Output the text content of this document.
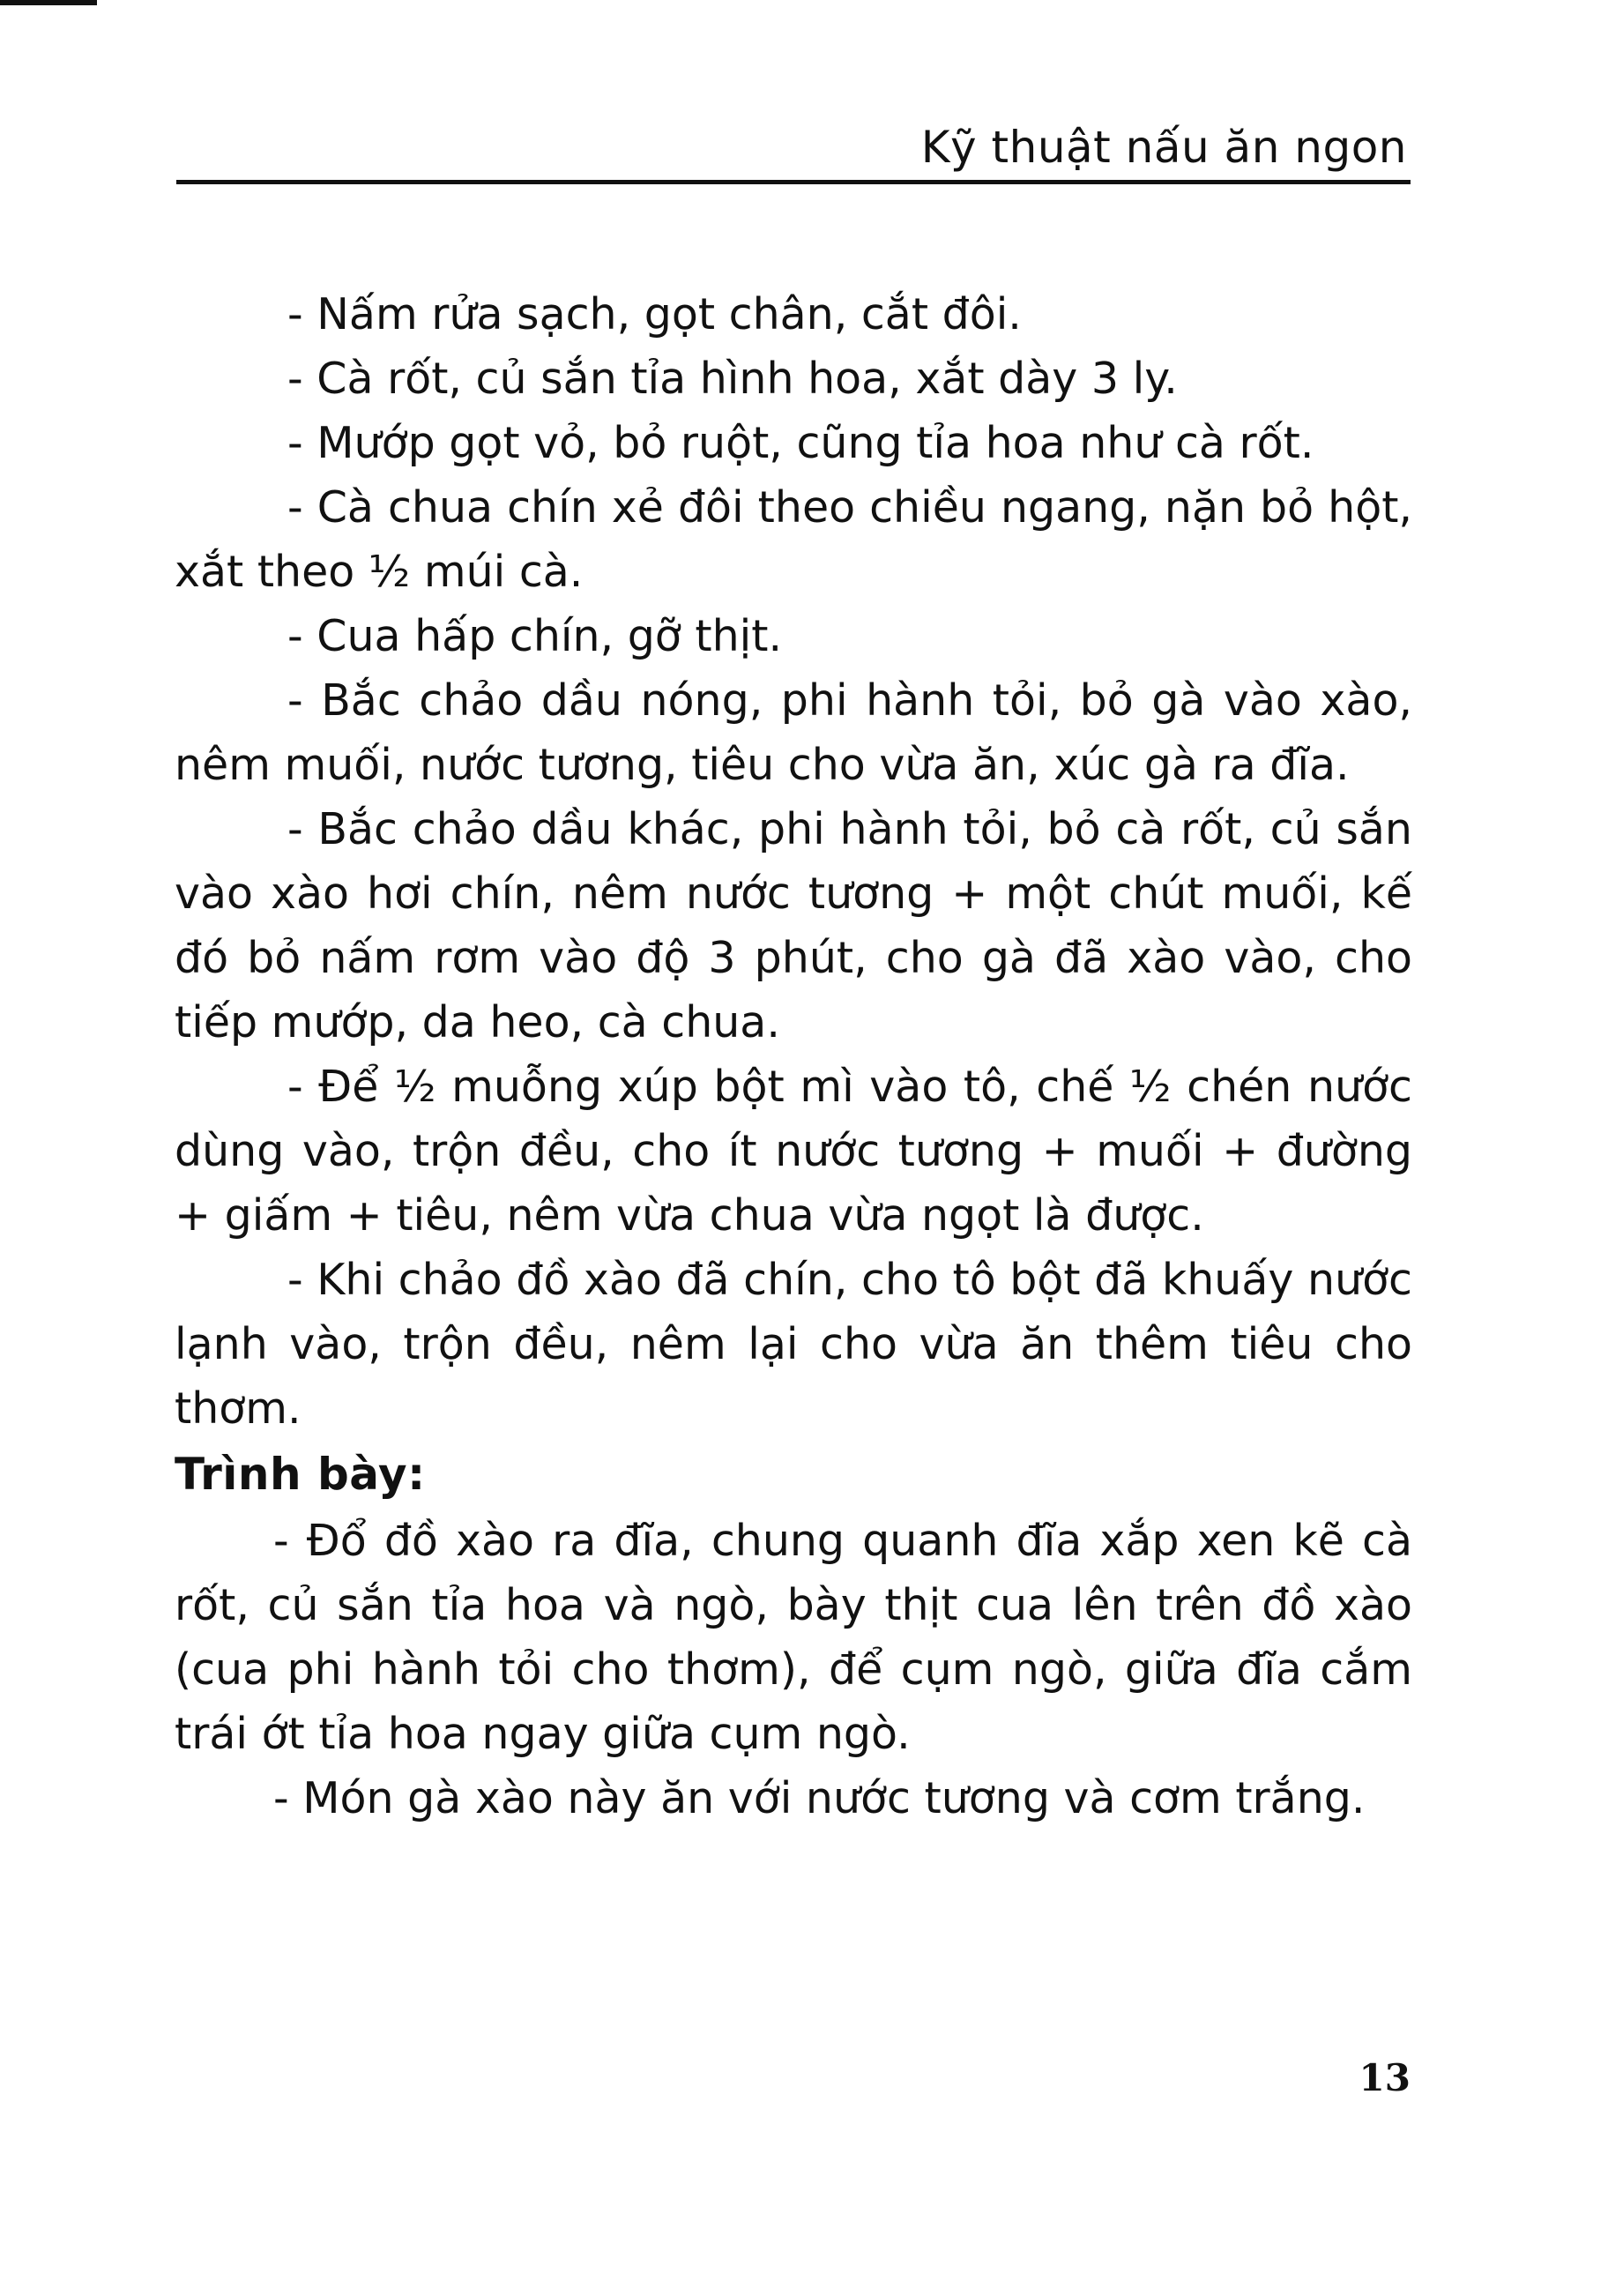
Kỹ thuật nấu ăn ngon

- Nấm rửa sạch, gọt chân, cắt đôi.

- Cà rốt, củ sắn tỉa hình hoa, xắt dày 3 ly.

- Mướp gọt vỏ, bỏ ruột, cũng tỉa hoa như cà rốt.

- Cà chua chín xẻ đôi theo chiều ngang, nặn bỏ hột, xắt theo ½ múi cà.

- Cua hấp chín, gỡ thịt.

- Bắc chảo dầu nóng, phi hành tỏi, bỏ gà vào xào, nêm muối, nước tương, tiêu cho vừa ăn, xúc gà ra đĩa.

- Bắc chảo dầu khác, phi hành tỏi, bỏ cà rốt, củ sắn vào xào hơi chín, nêm nước tương + một chút muối, kế đó bỏ nấm rơm vào độ 3 phút, cho gà đã xào vào, cho tiếp mướp, da heo, cà chua.

- Để ½ muỗng xúp bột mì vào tô, chế ½ chén nước dùng vào, trộn đều, cho ít nước tương + muối + đường + giấm + tiêu, nêm vừa chua vừa ngọt là được.

- Khi chảo đồ xào đã chín, cho tô bột đã khuấy nước lạnh vào, trộn đều, nêm lại cho vừa ăn thêm tiêu cho thơm.

Trình bày:

- Đổ đồ xào ra đĩa, chung quanh đĩa xắp xen kẽ cà rốt, củ sắn tỉa hoa và ngò, bày thịt cua lên trên đồ xào (cua phi hành tỏi cho thơm), để cụm ngò, giữa đĩa cắm trái ớt tỉa hoa ngay giữa cụm ngò.

- Món gà xào này ăn với nước tương và cơm trắng.

13
